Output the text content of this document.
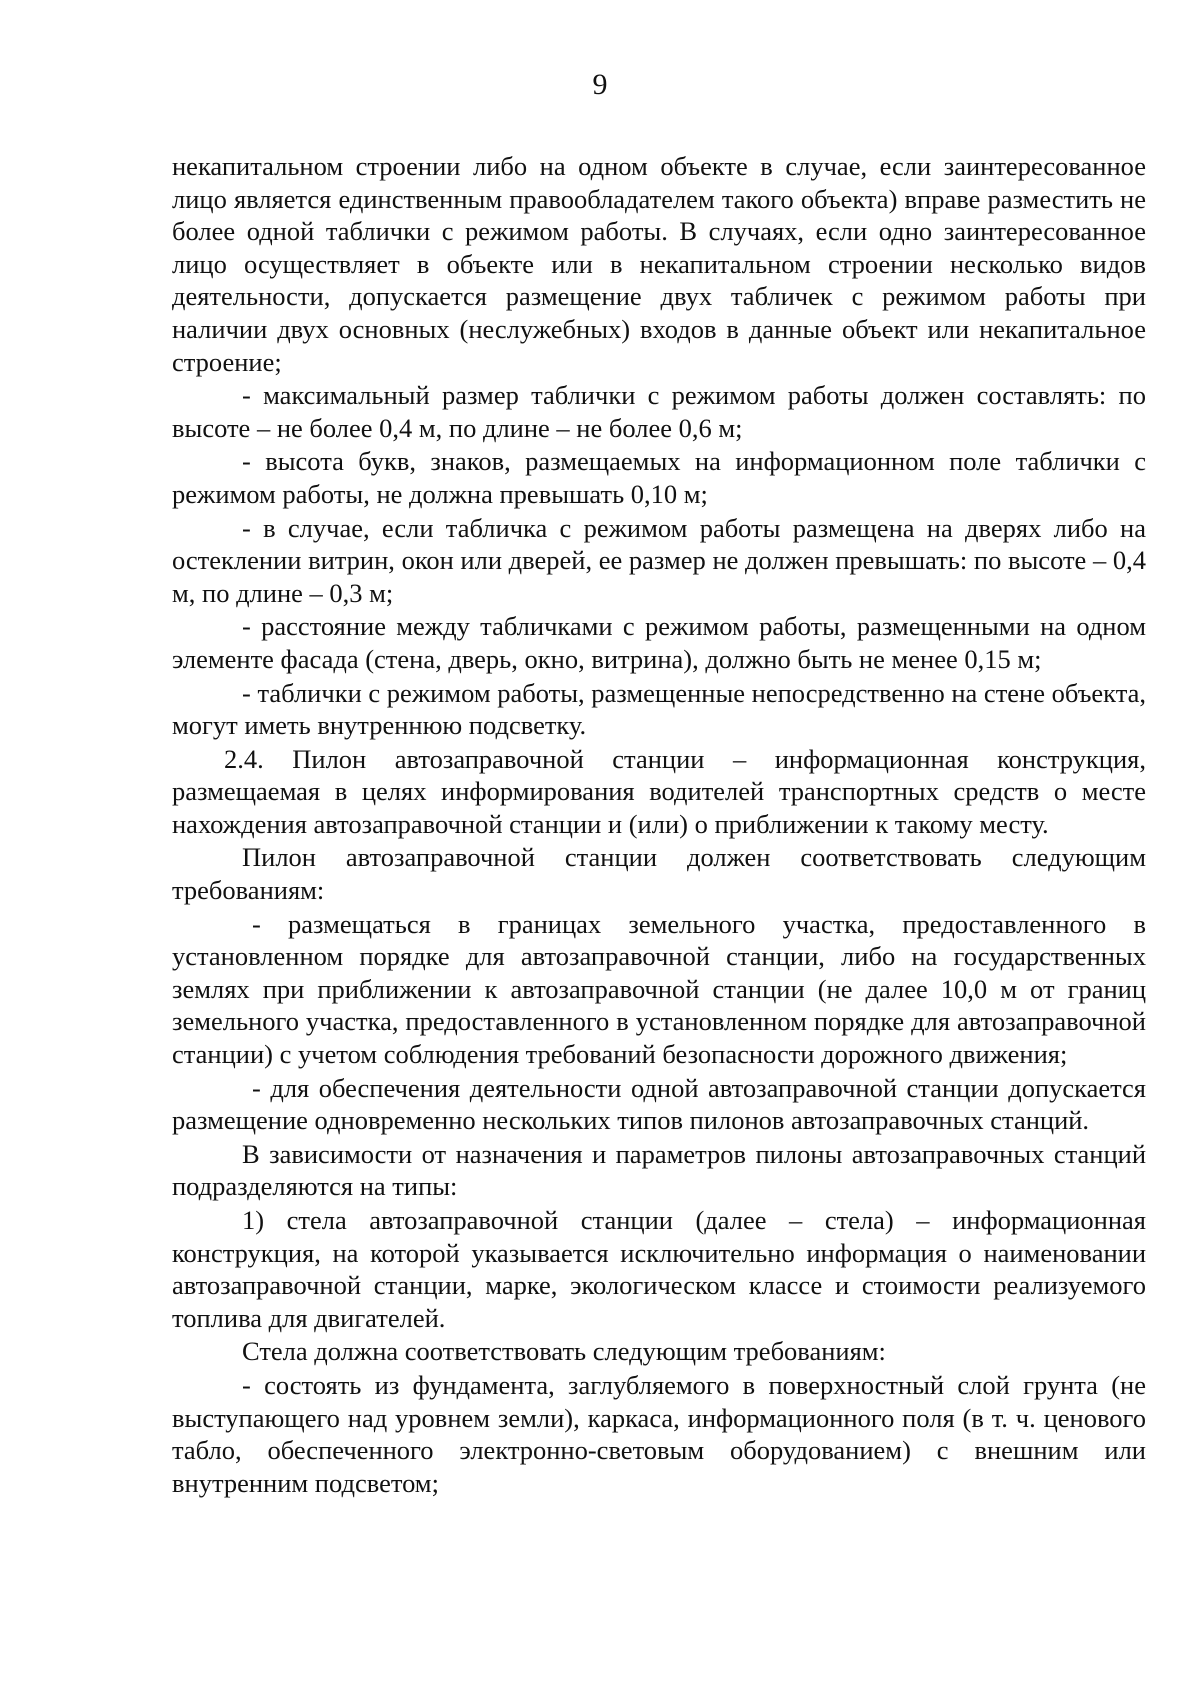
9

некапитальном строении либо на одном объекте в случае, если заинтересованное лицо является единственным правообладателем такого объекта) вправе разместить не более одной таблички с режимом работы. В случаях, если одно заинтересованное лицо осуществляет в объекте или в некапитальном строении несколько видов деятельности, допускается размещение двух табличек с режимом работы при наличии двух основных (неслужебных) входов в данные объект или некапитальное строение;

- максимальный размер таблички с режимом работы должен составлять: по высоте – не более 0,4 м, по длине – не более 0,6 м;

- высота букв, знаков, размещаемых на информационном поле таблички с режимом работы, не должна превышать 0,10 м;

- в случае, если табличка с режимом работы размещена на дверях либо на остеклении витрин, окон или дверей, ее размер не должен превышать: по высоте – 0,4 м, по длине – 0,3 м;

- расстояние между табличками с режимом работы, размещенными на одном элементе фасада (стена, дверь, окно, витрина), должно быть не менее 0,15 м;

- таблички с режимом работы, размещенные непосредственно на стене объекта, могут иметь внутреннюю подсветку.

2.4. Пилон автозаправочной станции – информационная конструкция, размещаемая в целях информирования водителей транспортных средств о месте нахождения автозаправочной станции и (или) о приближении к такому месту.

Пилон автозаправочной станции должен соответствовать следующим требованиям:

- размещаться в границах земельного участка, предоставленного в установленном порядке для автозаправочной станции, либо на государственных землях при приближении к автозаправочной станции (не далее 10,0 м от границ земельного участка, предоставленного в установленном порядке для автозаправочной станции) с учетом соблюдения требований безопасности дорожного движения;

- для обеспечения деятельности одной автозаправочной станции допускается размещение одновременно нескольких типов пилонов автозаправочных станций.

В зависимости от назначения и параметров пилоны автозаправочных станций подразделяются на типы:

1) стела автозаправочной станции (далее – стела) – информационная конструкция, на которой указывается исключительно информация о наименовании автозаправочной станции, марке, экологическом классе и стоимости реализуемого топлива для двигателей.

Стела должна соответствовать следующим требованиям:

- состоять из фундамента, заглубляемого в поверхностный слой грунта (не выступающего над уровнем земли), каркаса, информационного поля (в т. ч. ценового табло, обеспеченного электронно-световым оборудованием) с внешним или внутренним подсветом;
